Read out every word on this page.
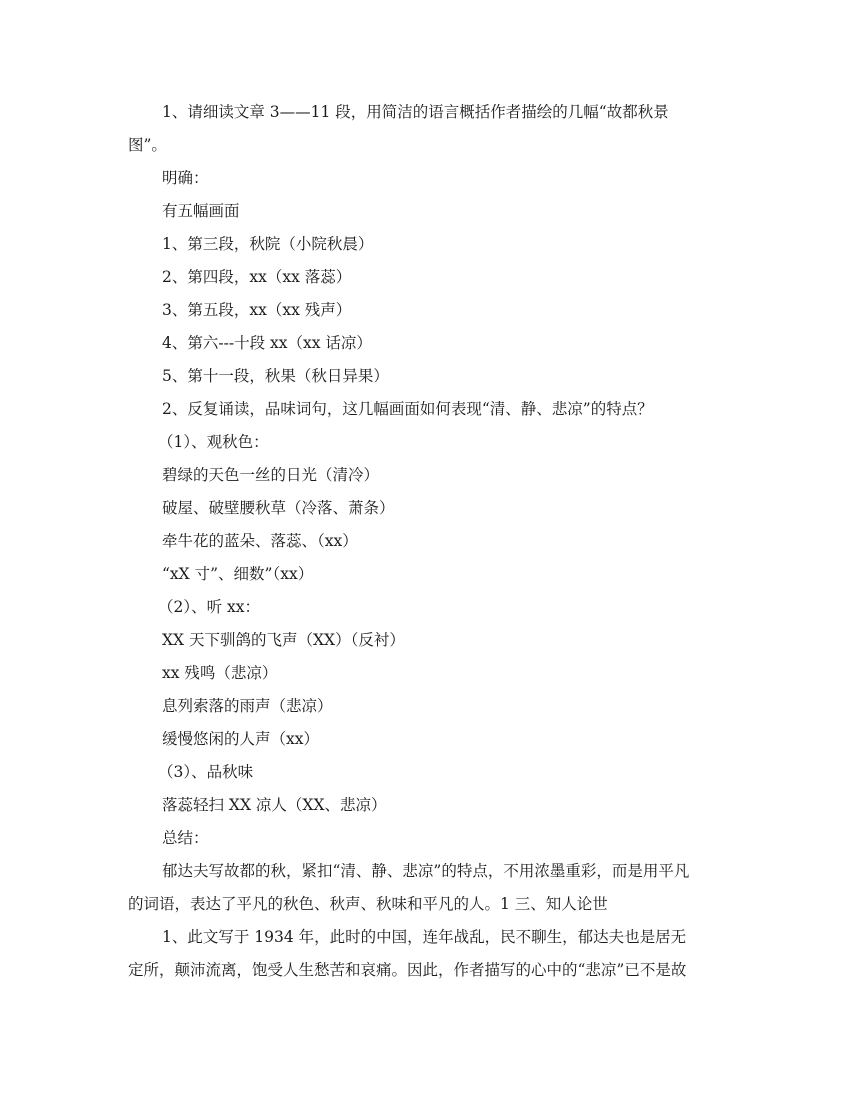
1、请细读文章 3——11 段，用简洁的语言概括作者描绘的几幅“故都秋景
图”。
明确：
有五幅画面
1、第三段，秋院（小院秋晨）
2、第四段，xx（xx 落蕊）
3、第五段，xx（xx 残声）
4、第六---十段 xx（xx 话凉）
5、第十一段，秋果（秋日异果）
2、反复诵读，品味词句，这几幅画面如何表现“清、静、悲凉”的特点？
（1）、观秋色：
碧绿的天色一丝的日光（清冷）
破屋、破壁腰秋草（冷落、萧条）
牵牛花的蓝朵、落蕊、（xx）
“xX 寸”、细数”（xx）
（2）、听 xx：
XX 天下驯鸽的飞声（XX）（反衬）
xx 残鸣（悲凉）
息列索落的雨声（悲凉）
缓慢悠闲的人声（xx）
（3）、品秋味
落蕊轻扫 XX 凉人（XX、悲凉）
总结：
郁达夫写故都的秋，紧扣“清、静、悲凉”的特点，不用浓墨重彩，而是用平凡
的词语，表达了平凡的秋色、秋声、秋味和平凡的人。1 三、知人论世
1、此文写于 1934 年，此时的中国，连年战乱，民不聊生，郁达夫也是居无
定所，颠沛流离，饱受人生愁苦和哀痛。因此，作者描写的心中的“悲凉”已不是故
